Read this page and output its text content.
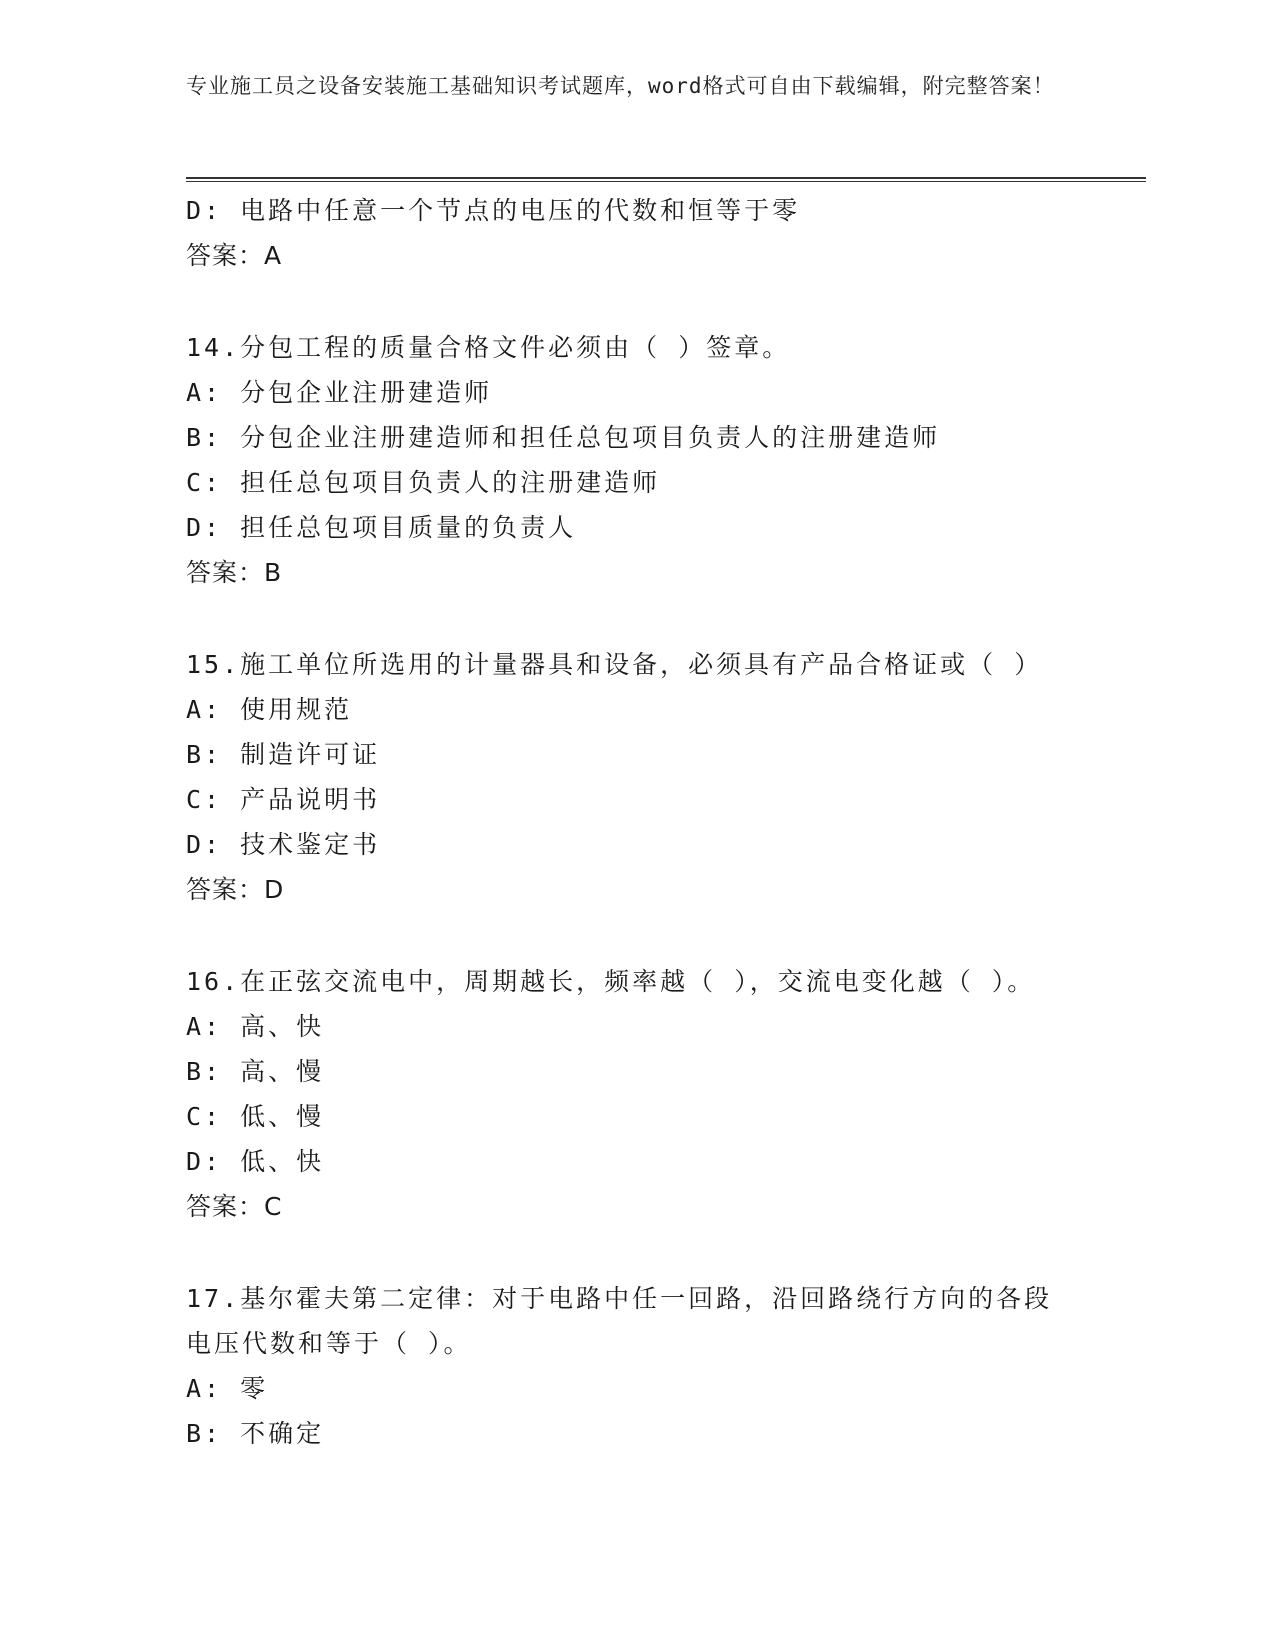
专业施工员之设备安装施工基础知识考试题库，word格式可自由下载编辑，附完整答案！
D: 电路中任意一个节点的电压的代数和恒等于零
答案：A
14.分包工程的质量合格文件必须由（ ）签章。
A: 分包企业注册建造师
B: 分包企业注册建造师和担任总包项目负责人的注册建造师
C: 担任总包项目负责人的注册建造师
D: 担任总包项目质量的负责人
答案：B
15.施工单位所选用的计量器具和设备，必须具有产品合格证或（ ）
A: 使用规范
B: 制造许可证
C: 产品说明书
D: 技术鉴定书
答案：D
16.在正弦交流电中，周期越长，频率越（ ），交流电变化越（ ）。
A: 高、快
B: 高、慢
C: 低、慢
D: 低、快
答案：C
17.基尔霍夫第二定律：对于电路中任一回路，沿回路绕行方向的各段电压代数和等于（ ）。
A: 零
B: 不确定
